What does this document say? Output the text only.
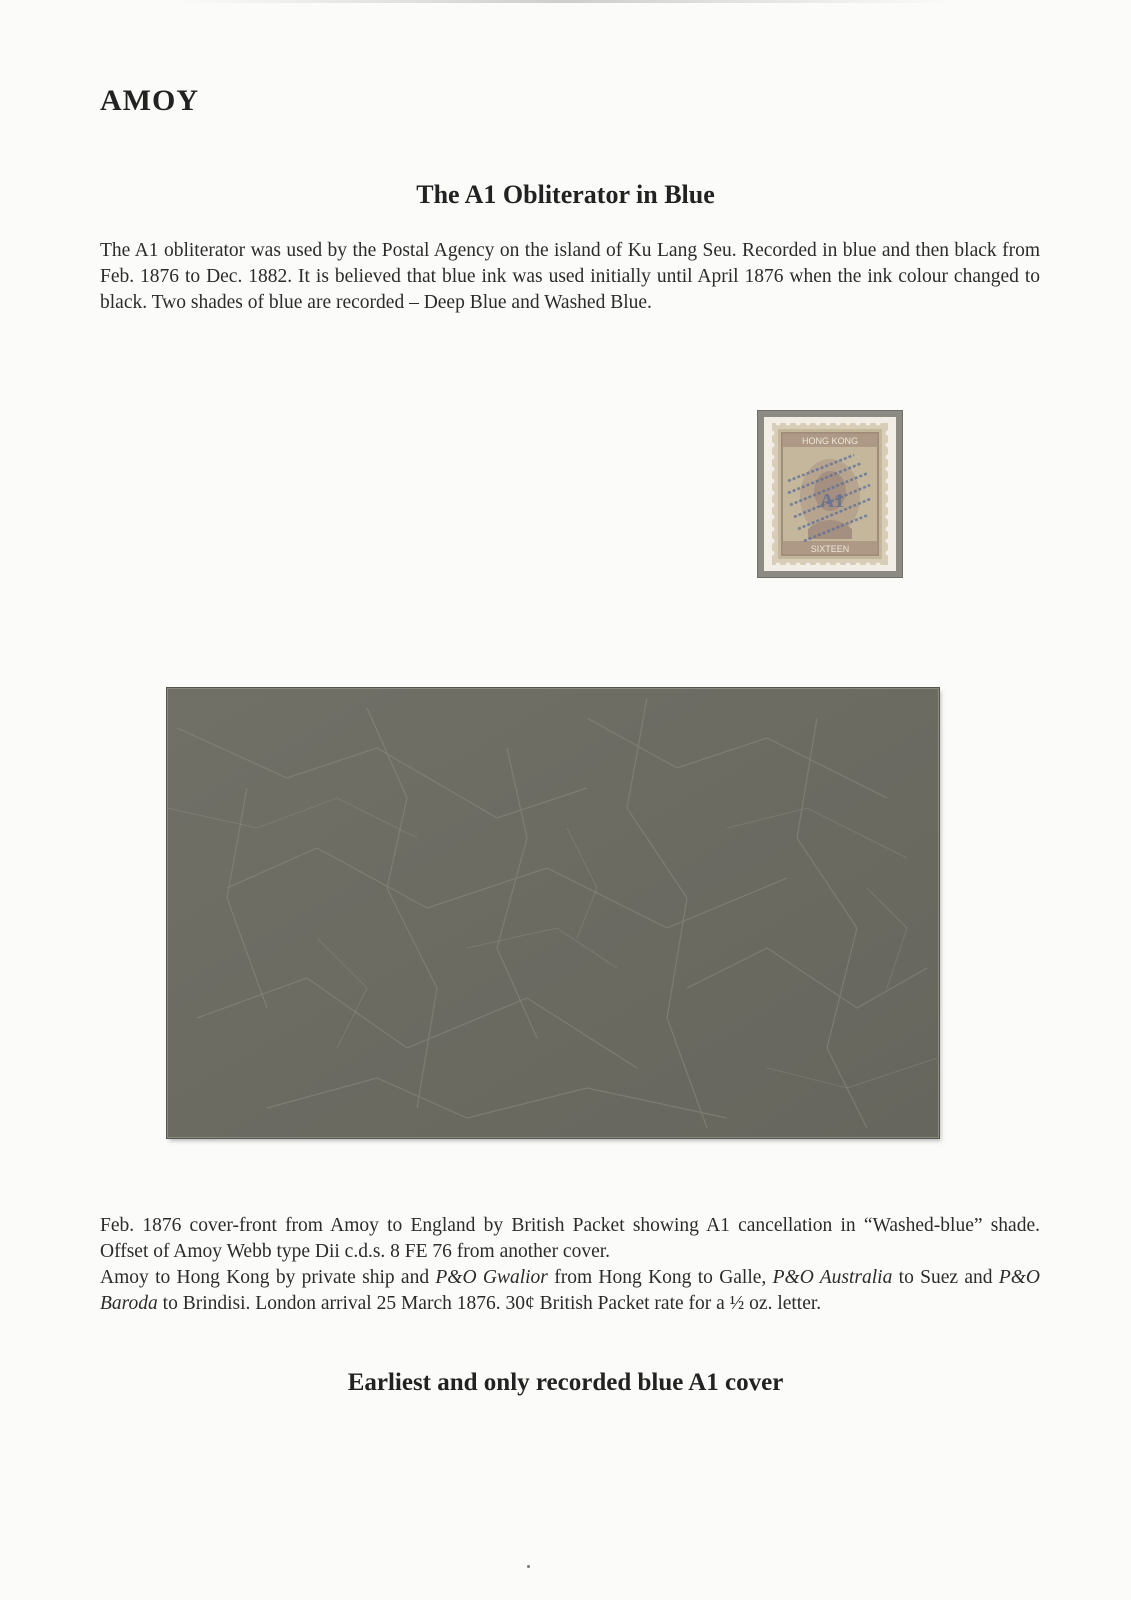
AMOY
The A1 Obliterator in Blue
The A1 obliterator was used by the Postal Agency on the island of Ku Lang Seu. Recorded in blue and then black from Feb. 1876 to Dec. 1882. It is believed that blue ink was used initially until April 1876 when the ink colour changed to black. Two shades of blue are recorded – Deep Blue and Washed Blue.
HONG KONG
SIXTEEN
A1

Feb. 1876 cover-front from Amoy to England by British Packet showing A1 cancellation in “Washed-blue” shade. Offset of Amoy Webb type Dii c.d.s. 8 FE 76 from another cover.

Amoy to Hong Kong by private ship and P&O Gwalior from Hong Kong to Galle, P&O Australia to Suez and P&O Baroda to Brindisi. London arrival 25 March 1876. 30¢ British Packet rate for a ½ oz. letter.

Earliest and only recorded blue A1 cover
